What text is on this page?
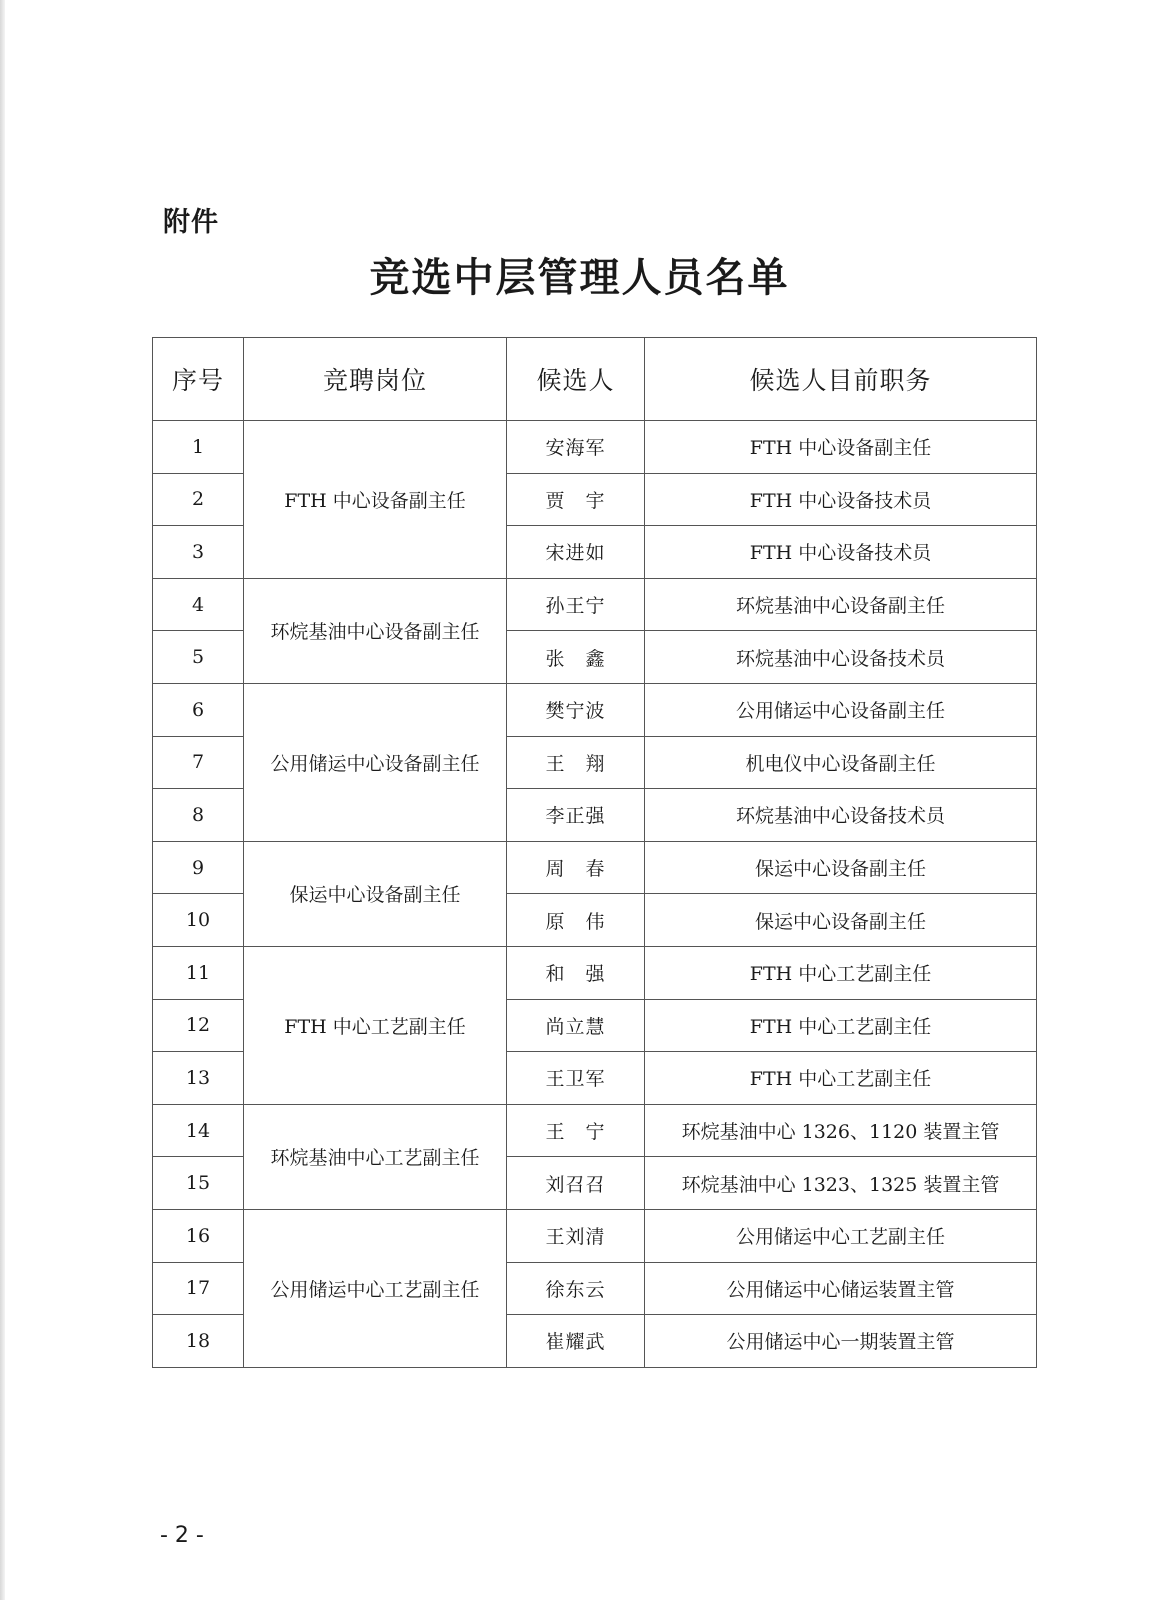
附件
竞选中层管理人员名单
序号	竞聘岗位	候选人	候选人目前职务
1	FTH 中心设备副主任	安海军	FTH 中心设备副主任
2		贾　宇	FTH 中心设备技术员
3		宋进如	FTH 中心设备技术员
4	环烷基油中心设备副主任	孙王宁	环烷基油中心设备副主任
5		张　鑫	环烷基油中心设备技术员
6	公用储运中心设备副主任	樊宁波	公用储运中心设备副主任
7		王　翔	机电仪中心设备副主任
8		李正强	环烷基油中心设备技术员
9	保运中心设备副主任	周　春	保运中心设备副主任
10		原　伟	保运中心设备副主任
11	FTH 中心工艺副主任	和　强	FTH 中心工艺副主任
12		尚立慧	FTH 中心工艺副主任
13		王卫军	FTH 中心工艺副主任
14	环烷基油中心工艺副主任	王　宁	环烷基油中心 1326、1120 装置主管
15		刘召召	环烷基油中心 1323、1325 装置主管
16	公用储运中心工艺副主任	王刘清	公用储运中心工艺副主任
17		徐东云	公用储运中心储运装置主管
18		崔耀武	公用储运中心一期装置主管
- 2 -
